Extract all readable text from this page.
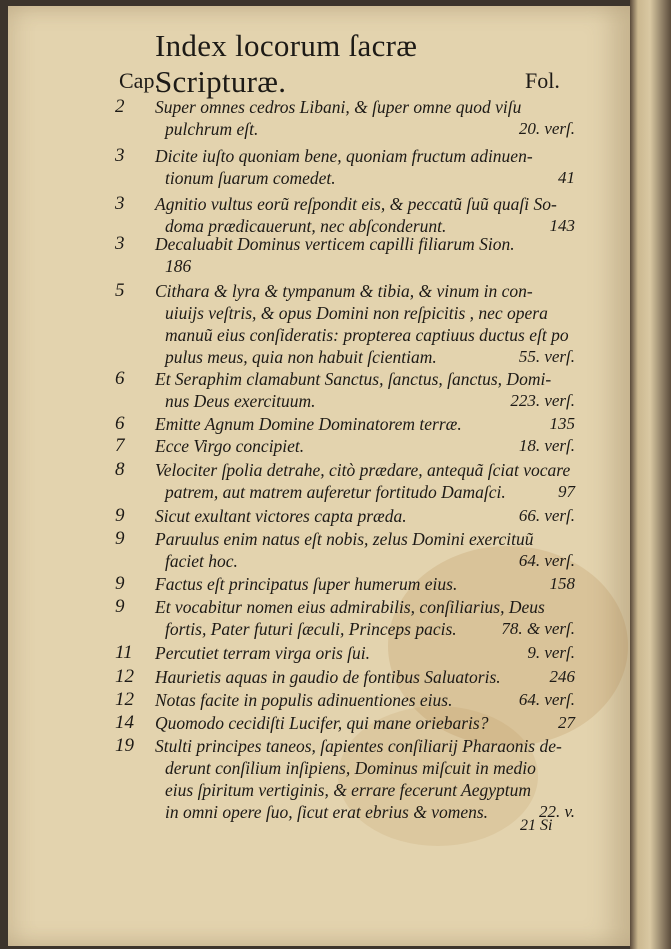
Index locorum ſacræ Scripturæ.
Cap.	Fol.
2	Super omnes cedros Libani, & ſuper omne quod viſu
pulchrum eſt.	20. verſ.
3	Dicite iuſto quoniam bene, quoniam fructum adinuen-
tionum ſuarum comedet.	41
3	Agnitio vultus eorũ reſpondit eis, & peccatũ ſuũ quaſi So-
doma prædicauerunt, nec abſconderunt.	143
3	Decaluabit Dominus verticem capilli filiarum Sion.
186
5	Cithara & lyra & tympanum & tibia, & vinum in con-
uiuijs veſtris, & opus Domini non reſpicitis , nec opera
manuũ eius conſideratis: propterea captiuus ductus eſt po
pulus meus, quia non habuit ſcientiam.	55. verſ.
6	Et Seraphim clamabunt Sanctus, ſanctus, ſanctus, Domi-
nus Deus exercituum.	223. verſ.
6	Emitte Agnum Domine Dominatorem terræ.	135
7	Ecce Virgo concipiet.	18. verſ.
8	Velociter ſpolia detrahe, citò prædare, antequã ſciat vocare
patrem, aut matrem auferetur fortitudo Damaſci.	97
9	Sicut exultant victores capta præda.	66. verſ.
9	Paruulus enim natus eſt nobis, zelus Domini exercituũ
faciet hoc.	64. verſ.
9	Factus eſt principatus ſuper humerum eius.	158
9	Et vocabitur nomen eius admirabilis, conſiliarius, Deus
fortis, Pater futuri ſæculi, Princeps pacis.	78. & verſ.
11	Percutiet terram virga oris ſui.	9. verſ.
12	Haurietis aquas in gaudio de fontibus Saluatoris.	246
12	Notas facite in populis adinuentiones eius.	64. verſ.
14	Quomodo cecidiſti Lucifer, qui mane oriebaris?	27
19	Stulti principes taneos, ſapientes conſiliarij Pharaonis de-
derunt conſilium inſipiens, Dominus miſcuit in medio
eius ſpiritum vertiginis, & errare fecerunt Aegyptum
in omni opere ſuo, ſicut erat ebrius & vomens.	22. v.
21 Si
